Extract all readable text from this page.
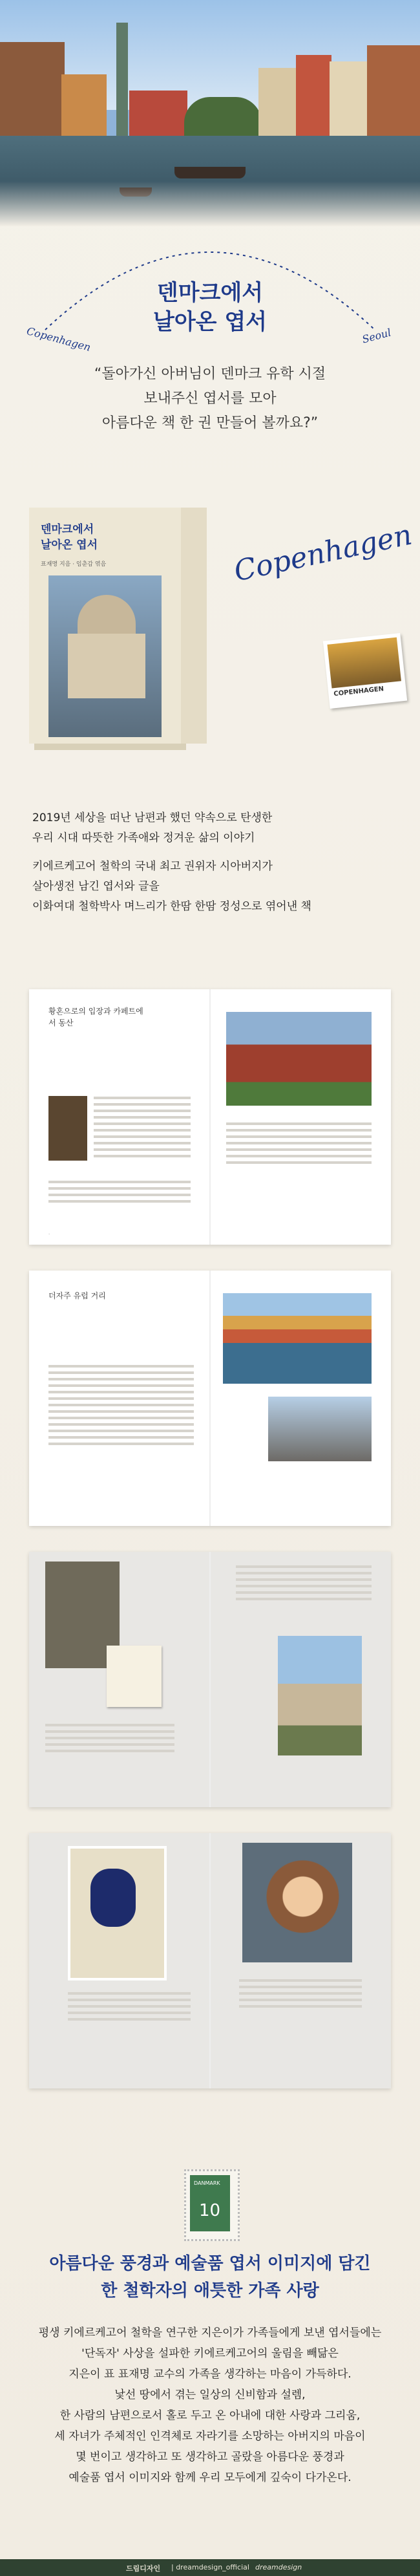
Copenhagen	Seoul
덴마크에서
날아온 엽서
“돌아가신 아버님이 덴마크 유학 시절
보내주신 엽서를 모아
아름다운 책 한 권 만들어 볼까요?”
덴마크에서
날아온 엽서
표재명 지음 · 임춘갑 엮음	Copenhagen
COPENHAGEN
2019년 세상을 떠난 남편과 했던 약속으로 탄생한
우리 시대 따뜻한 가족애와 정겨운 삶의 이야기
키에르케고어 철학의 국내 최고 권위자 시아버지가
살아생전 남긴 엽서와 글을
이화여대 철학박사 며느리가 한땀 한땀 정성으로 엮어낸 책
황혼으로의 입장과 카페트에서 동산
·
더자주 유럽 거리
DANMARK
10
아름다운 풍경과 예술품 엽서 이미지에 담긴
한 철학자의 애틋한 가족 사랑
평생 키에르케고어 철학을 연구한 지은이가 가족들에게 보낸 엽서들에는
'단독자' 사상을 설파한 키에르케고어의 울림을 빼닮은
지은이 표 표재명 교수의 가족을 생각하는 마음이 가득하다.
낯선 땅에서 겪는 일상의 신비함과 설렘,
한 사람의 남편으로서 홀로 두고 온 아내에 대한 사랑과 그리움,
세 자녀가 주체적인 인격체로 자라기를 소망하는 아버지의 마음이
몇 번이고 생각하고 또 생각하고 골랐을 아름다운 풍경과
예술품 엽서 이미지와 함께 우리 모두에게 깊숙이 다가온다.
드림디자인 | dreamdesign_official dreamdesign
